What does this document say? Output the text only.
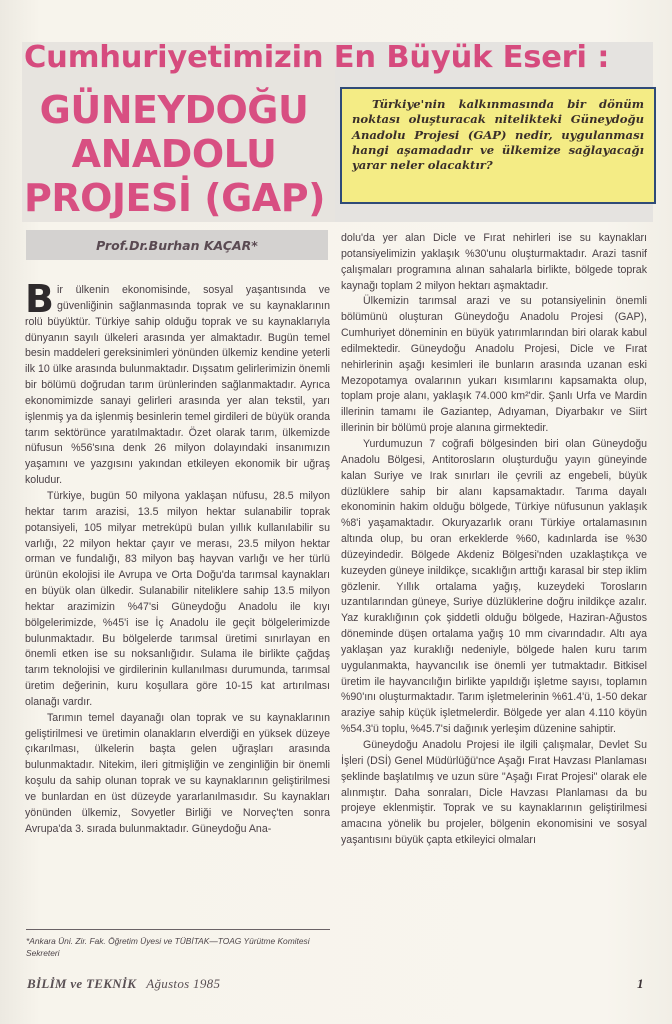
Cumhuriyetimizin En Büyük Eseri :
GÜNEYDOĞU
ANADOLU
PROJESİ (GAP)
Türkiye'nin kalkınmasında bir dönüm noktası oluşturacak nitelikteki Güneydoğu Anadolu Projesi (GAP) nedir, uygulanması hangi aşamadadır ve ülkemize sağlayacağı yarar neler olacaktır?
Prof.Dr.Burhan KAÇAR*

Bir ülkenin ekonomisinde, sosyal yaşantısında ve güvenliğinin sağlanmasında toprak ve su kaynaklarının rolü büyüktür. Türkiye sahip olduğu toprak ve su kaynaklarıyla dünyanın sayılı ülkeleri arasında yer almaktadır. Bugün temel besin maddeleri gereksinimleri yönünden ülkemiz kendine yeterli ilk 10 ülke arasında bulunmaktadır. Dışsatım gelirlerimizin önemli bir bölümü doğrudan tarım ürünlerinden sağlanmaktadır. Ayrıca ekonomimizde sanayi gelirleri arasında yer alan tekstil, yarı işlenmiş ya da işlenmiş besinlerin temel girdileri de büyük oranda tarım sektörünce yaratılmaktadır. Özet olarak tarım, ülkemizde nüfusun %56'sına denk 26 milyon dolayındaki insanımızın yaşamını ve yazgısını yakından etkileyen ekonomik bir uğraş koludur.

Türkiye, bugün 50 milyona yaklaşan nüfusu, 28.5 milyon hektar tarım arazisi, 13.5 milyon hektar sulanabilir toprak potansiyeli, 105 milyar metreküpü bulan yıllık kullanılabilir su varlığı, 22 milyon hektar çayır ve merası, 23.5 milyon hektar orman ve fundalığı, 83 milyon baş hayvan varlığı ve her türlü ürünün ekolojisi ile Avrupa ve Orta Doğu'da tarımsal kaynakları en büyük olan ülkedir. Sulanabilir niteliklere sahip 13.5 milyon hektar arazimizin %47'si Güneydoğu Anadolu ile kıyı bölgelerimizde, %45'i ise İç Anadolu ile geçit bölgelerimizde bulunmaktadır. Bu bölgelerde tarımsal üretimi sınırlayan en önemli etken ise su noksanlığıdır. Sulama ile birlikte çağdaş tarım teknolojisi ve girdilerinin kullanılması durumunda, tarımsal üretim değerinin, kuru koşullara göre 10-15 kat artırılması olanağı vardır.

Tarımın temel dayanağı olan toprak ve su kaynaklarının geliştirilmesi ve üretimin olanakların elverdiği en yüksek düzeye çıkarılması, ülkelerin başta gelen uğraşları arasında bulunmaktadır. Nitekim, ileri gitmişliğin ve zenginliğin bir önemli koşulu da sahip olunan toprak ve su kaynaklarının geliştirilmesi ve bunlardan en üst düzeyde yararlanılmasıdır. Su kaynakları yönünden ülkemiz, Sovyetler Birliği ve Norveç'ten sonra Avrupa'da 3. sırada bulunmaktadır. Güneydoğu Ana-

dolu'da yer alan Dicle ve Fırat nehirleri ise su kaynakları potansiyelimizin yaklaşık %30'unu oluşturmaktadır. Arazi tasnif çalışmaları programına alınan sahalarla birlikte, bölgede toprak kaynağı toplam 2 milyon hektarı aşmaktadır.

Ülkemizin tarımsal arazi ve su potansiyelinin önemli bölümünü oluşturan Güneydoğu Anadolu Projesi (GAP), Cumhuriyet döneminin en büyük yatırımlarından biri olarak kabul edilmektedir. Güneydoğu Anadolu Projesi, Dicle ve Fırat nehirlerinin aşağı kesimleri ile bunların arasında uzanan eski Mezopotamya ovalarının yukarı kısımlarını kapsamakta olup, toplam proje alanı, yaklaşık 74.000 km²'dir. Şanlı Urfa ve Mardin illerinin tamamı ile Gaziantep, Adıyaman, Diyarbakır ve Siirt illerinin bir bölümü proje alanına girmektedir.

Yurdumuzun 7 coğrafi bölgesinden biri olan Güneydoğu Anadolu Bölgesi, Antitorosların oluşturduğu yayın güneyinde kalan Suriye ve Irak sınırları ile çevrili az engebeli, büyük düzlüklere sahip bir alanı kapsamaktadır. Tarıma dayalı ekonominin hakim olduğu bölgede, Türkiye nüfusunun yaklaşık %8'i yaşamaktadır. Okuryazarlık oranı Türkiye ortalamasının altında olup, bu oran erkeklerde %60, kadınlarda ise %30 düzeyindedir. Bölgede Akdeniz Bölgesi'nden uzaklaştıkça ve kuzeyden güneye inildikçe, sıcaklığın arttığı karasal bir step iklim gözlenir. Yıllık ortalama yağış, kuzeydeki Torosların uzantılarından güneye, Suriye düzlüklerine doğru inildikçe azalır. Yaz kuraklığının çok şiddetli olduğu bölgede, Haziran-Ağustos döneminde düşen ortalama yağış 10 mm civarındadır. Altı aya yaklaşan yaz kuraklığı nedeniyle, bölgede halen kuru tarım uygulanmakta, hayvancılık ise önemli yer tutmaktadır. Bitkisel üretim ile hayvancılığın birlikte yapıldığı işletme sayısı, toplamın %90'ını oluşturmaktadır. Tarım işletmelerinin %61.4'ü, 1-50 dekar araziye sahip küçük işletmelerdir. Bölgede yer alan 4.110 köyün %54.3'ü toplu, %45.7'si dağınık yerleşim düzenine sahiptir.

Güneydoğu Anadolu Projesi ile ilgili çalışmalar, Devlet Su İşleri (DSİ) Genel Müdürlüğü'nce Aşağı Fırat Havzası Planlaması şeklinde başlatılmış ve uzun süre "Aşağı Fırat Projesi" olarak ele alınmıştır. Daha sonraları, Dicle Havzası Planlaması da bu projeye eklenmiştir. Toprak ve su kaynaklarının geliştirilmesi amacına yönelik bu projeler, bölgenin ekonomisini ve sosyal yaşantısını büyük çapta etkileyici olmaları

*Ankara Üni. Zir. Fak. Öğretim Üyesi ve TÜBİTAK—TOAG Yürütme Komitesi Sekreteri
BİLİM ve TEKNİK Ağustos 1985	1
